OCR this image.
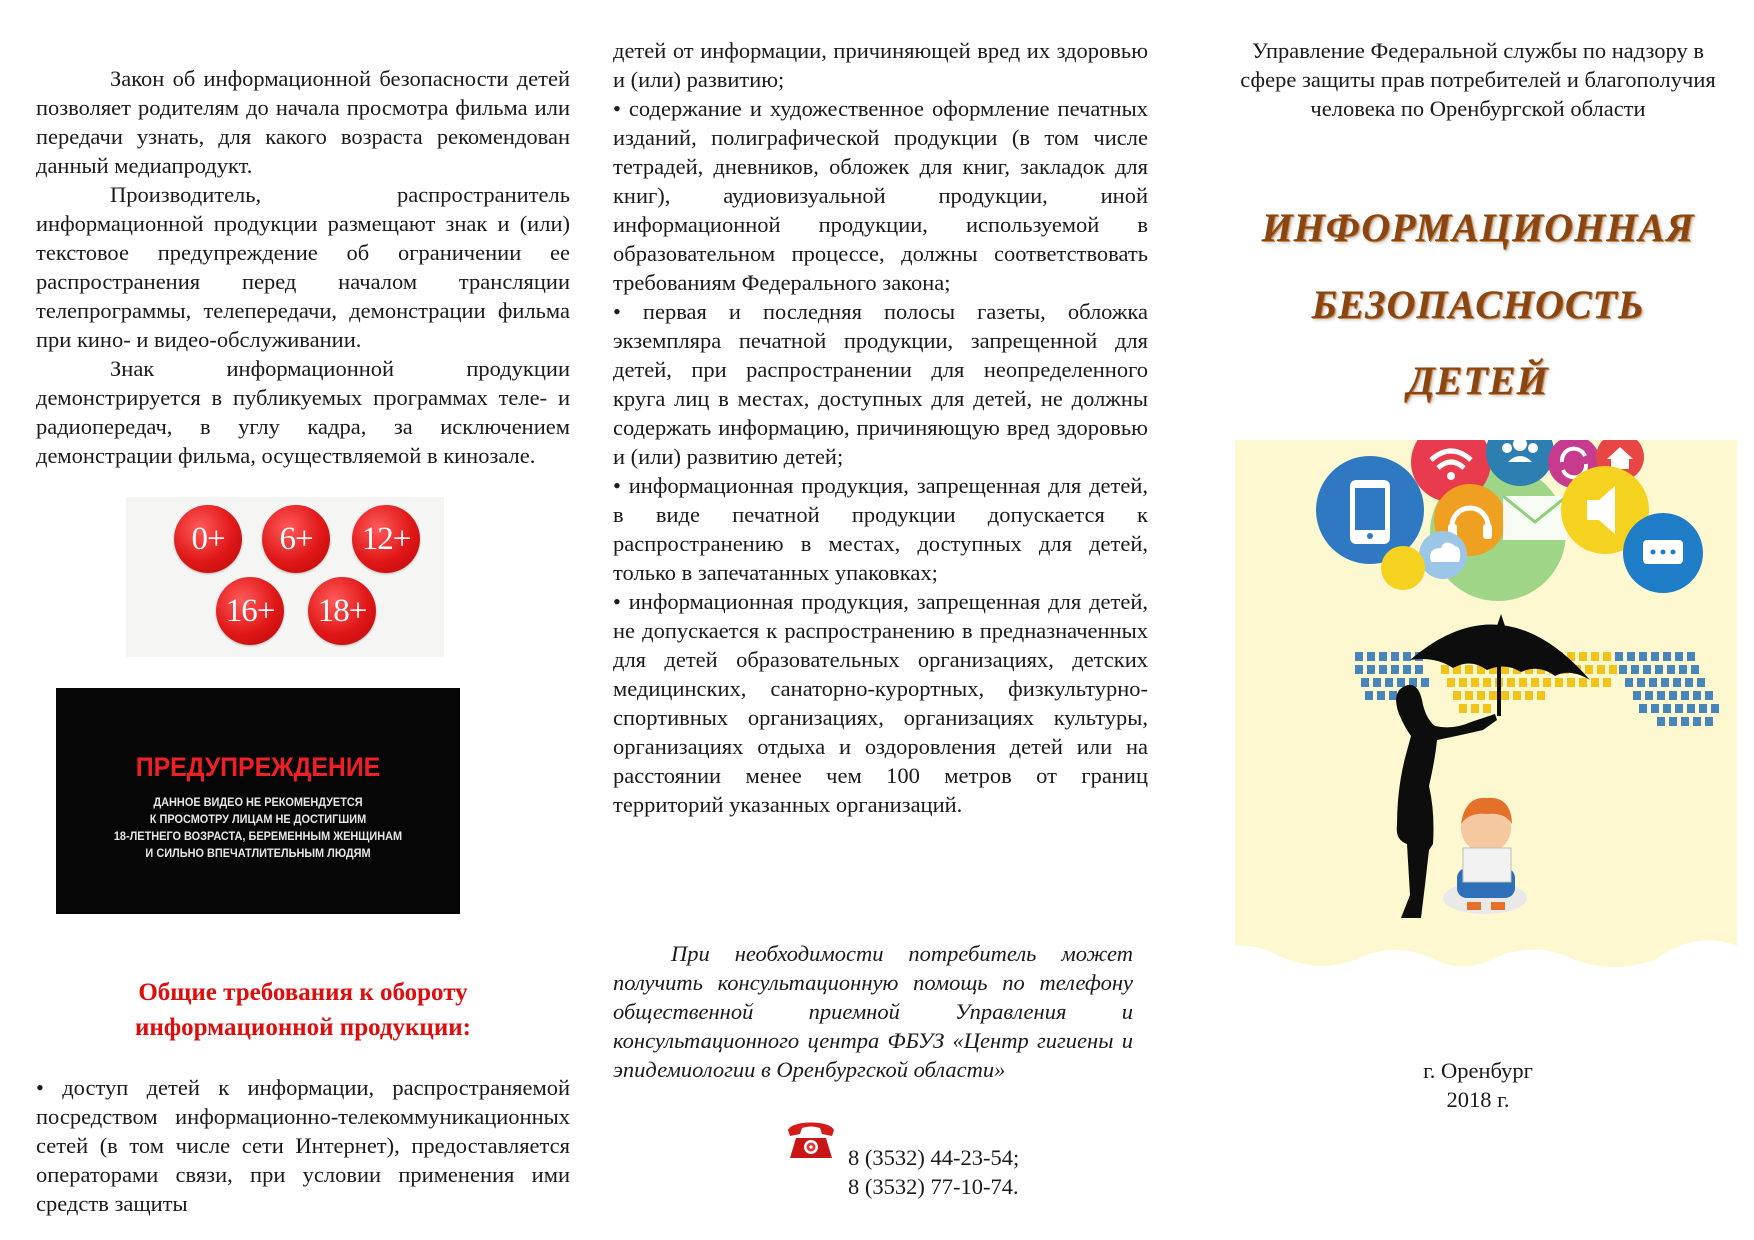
Закон об информационной безопасности детей позволяет родителям до начала просмотра фильма или передачи узнать, для какого возраста рекомендован данный медиапродукт.

Производитель, распространитель информационной продукции размещают знак и (или) текстовое предупреждение об ограничении ее распространения перед началом трансляции телепрограммы, телепередачи, демонстрации фильма при кино- и видео-обслуживании.

Знак информационной продукции демонстрируется в публикуемых программах теле- и радиопередач, в углу кадра, за исключением демонстрации фильма, осуществляемой в кинозале.

0+	6+	12+
16+ 18+
ПРЕДУПРЕЖДЕНИЕ
ДАННОЕ ВИДЕО НЕ РЕКОМЕНДУЕТСЯ
К ПРОСМОТРУ ЛИЦАМ НЕ ДОСТИГШИМ
18-ЛЕТНЕГО ВОЗРАСТА, БЕРЕМЕННЫМ ЖЕНЩИНАМ
И СИЛЬНО ВПЕЧАТЛИТЕЛЬНЫМ ЛЮДЯМ

Общие требования к обороту информационной продукции:

• доступ детей к информации, распространяемой посредством информационно-телекоммуникационных сетей (в том числе сети Интернет), предоставляется операторами связи, при условии применения ими средств защиты

детей от информации, причиняющей вред их здоровью и (или) развитию;

• содержание и художественное оформление печатных изданий, полиграфической продукции (в том числе тетрадей, дневников, обложек для книг, закладок для книг), аудиовизуальной продукции, иной информационной продукции, используемой в образовательном процессе, должны соответствовать требованиям Федерального закона;

• первая и последняя полосы газеты, обложка экземпляра печатной продукции, запрещенной для детей, при распространении для неопределенного круга лиц в местах, доступных для детей, не должны содержать информацию, причиняющую вред здоровью и (или) развитию детей;

• информационная продукция, запрещенная для детей, в виде печатной продукции допускается к распространению в местах, доступных для детей, только в запечатанных упаковках;

• информационная продукция, запрещенная для детей, не допускается к распространению в предназначенных для детей образовательных организациях, детских медицинских, санаторно-курортных, физкультурно-спортивных организациях, организациях культуры, организациях отдыха и оздоровления детей или на расстоянии менее чем 100 метров от границ территорий указанных организаций.

При необходимости потребитель может получить консультационную помощь по телефону общественной приемной Управления и консультационного центра ФБУЗ «Центр гигиены и эпидемиологии в Оренбургской области»

8 (3532) 44-23-54;
8 (3532) 77-10-74.

Управление Федеральной службы по надзору в сфере защиты прав потребителей и благополучия человека по Оренбургской области

ИНФОРМАЦИОННАЯ

БЕЗОПАСНОСТЬ

ДЕТЕЙ

г. Оренбург
2018 г.
